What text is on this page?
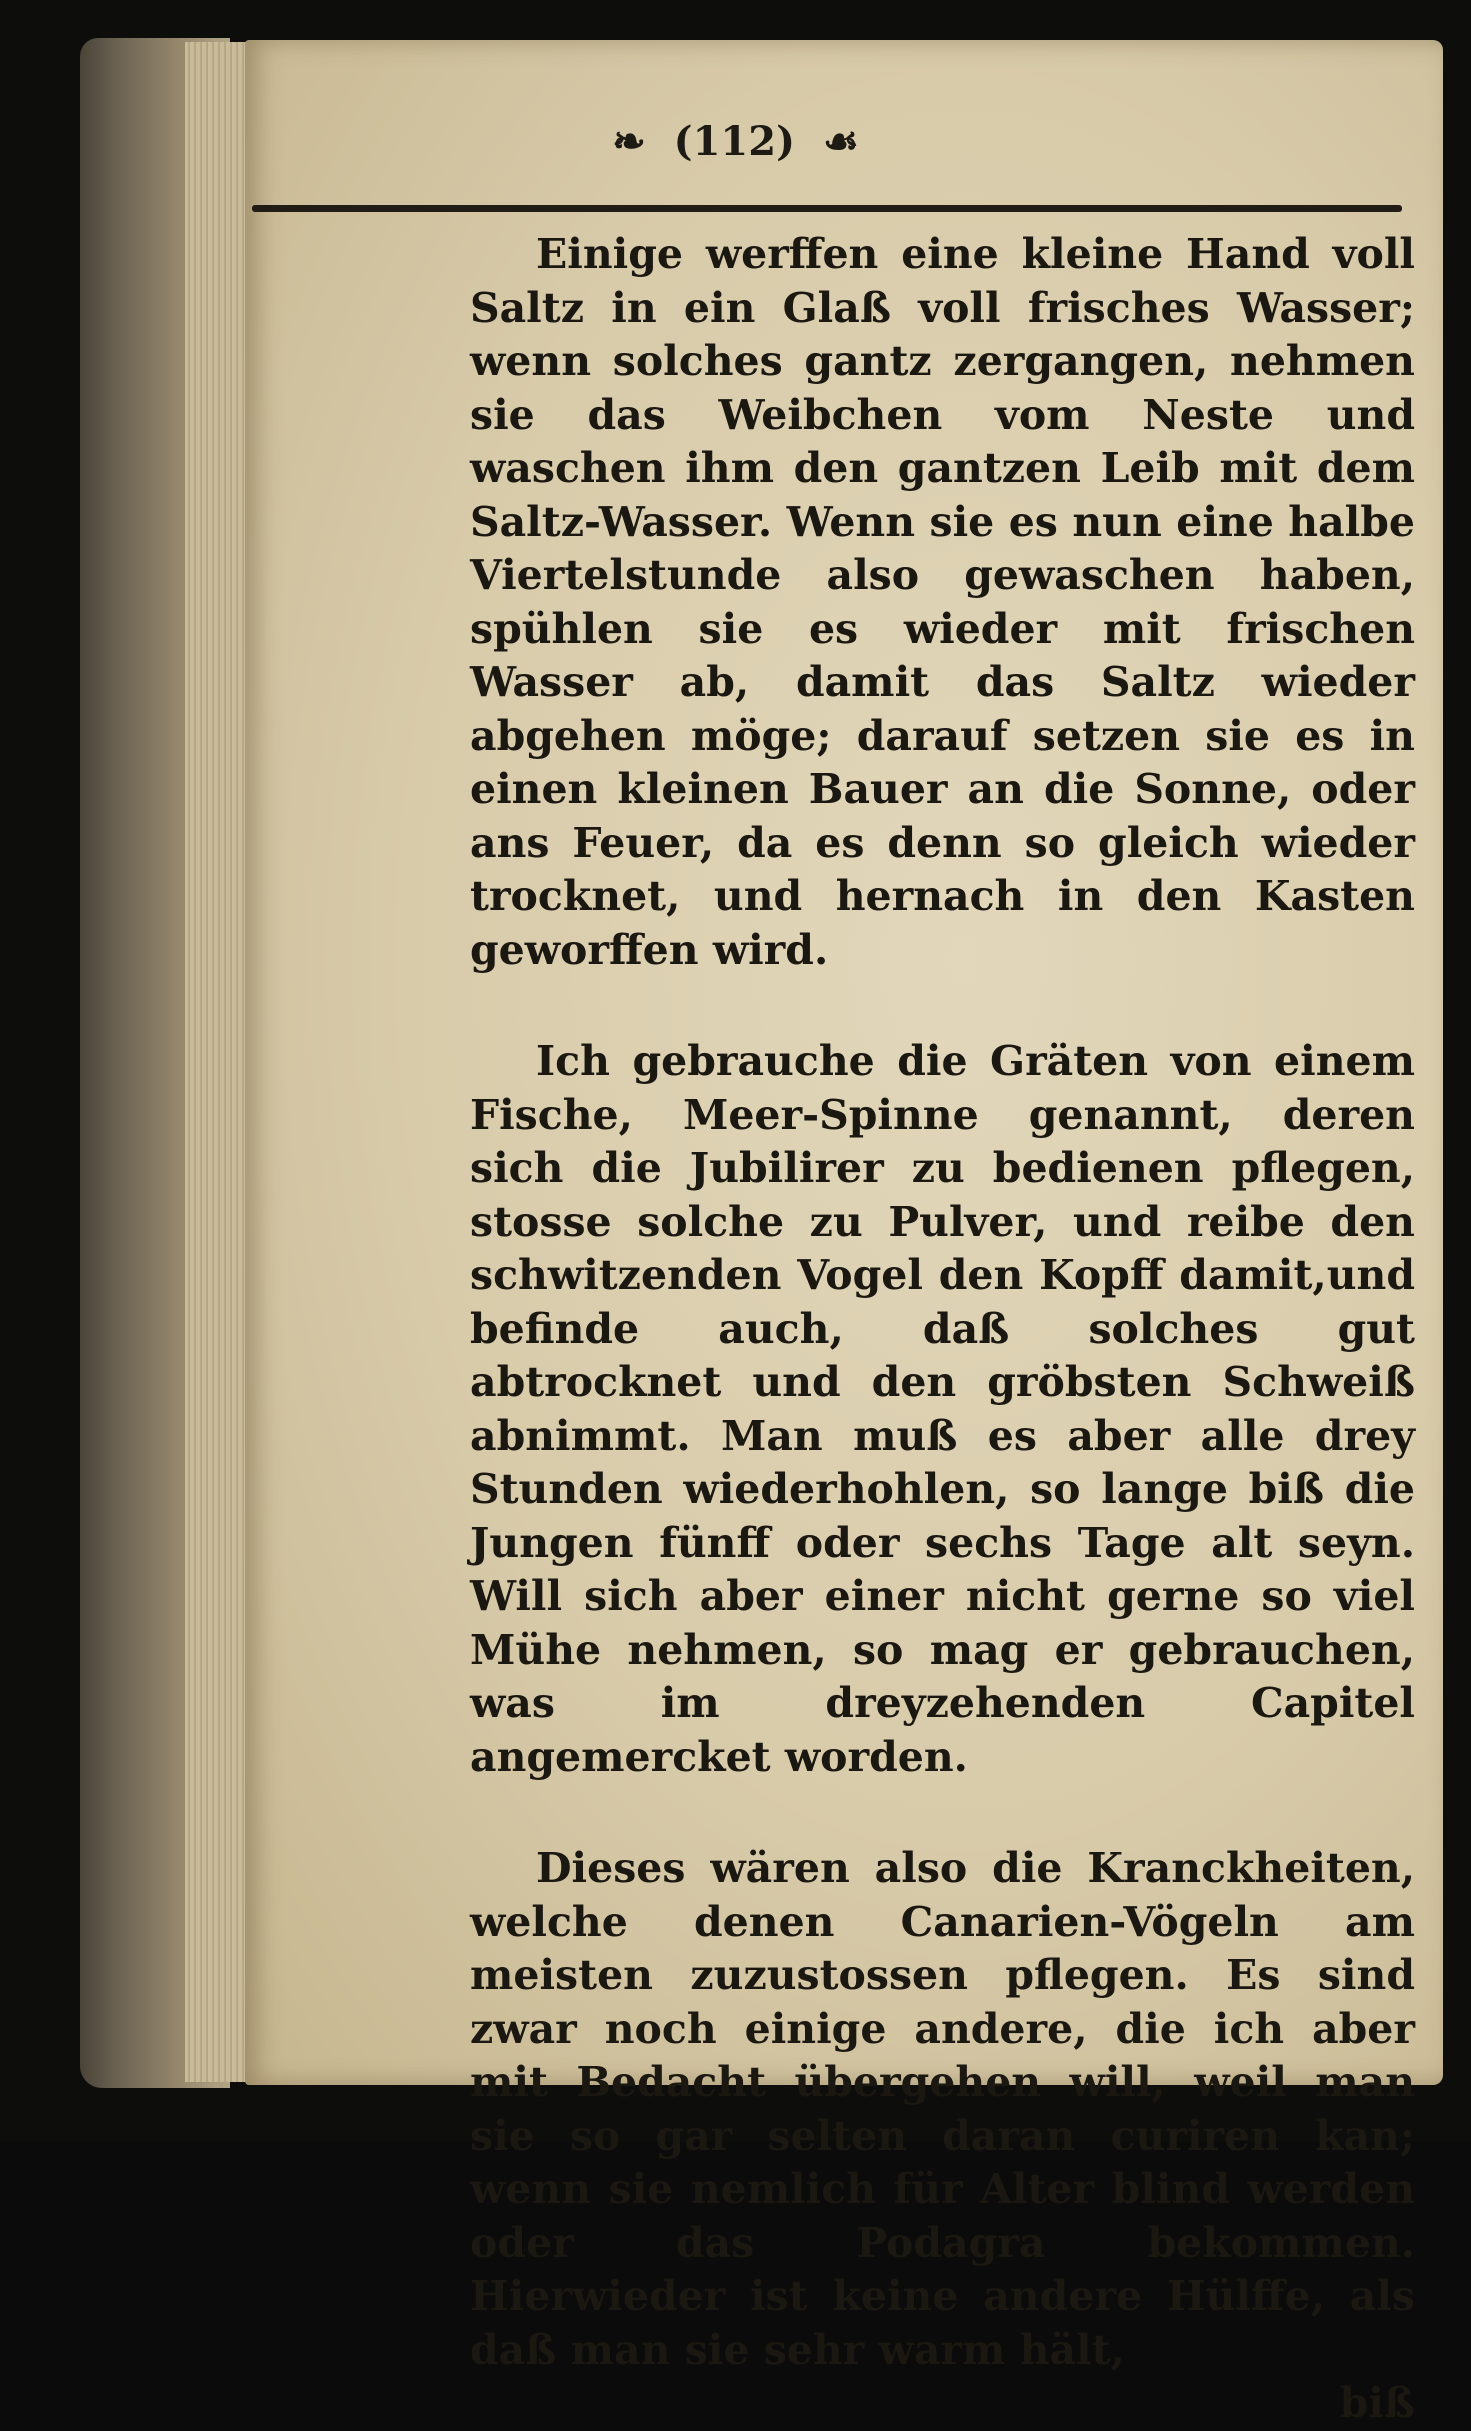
❧ (112) ☙

Einige werffen eine kleine Hand voll Saltz in ein Glaß voll frisches Wasser; wenn solches gantz zergangen, nehmen sie das Weibchen vom Neste und waschen ihm den gantzen Leib mit dem Saltz-Wasser. Wenn sie es nun eine halbe Viertelstunde also gewaschen haben, spühlen sie es wieder mit frischen Wasser ab, damit das Saltz wieder abgehen möge; darauf setzen sie es in einen kleinen Bauer an die Sonne, oder ans Feuer, da es denn so gleich wieder trocknet, und hernach in den Kasten geworffen wird.

Ich gebrauche die Gräten von einem Fische, Meer-Spinne genannt, deren sich die Jubilirer zu bedienen pflegen, stosse solche zu Pulver, und reibe den schwitzenden Vogel den Kopff damit,und befinde auch, daß solches gut abtrocknet und den gröbsten Schweiß abnimmt. Man muß es aber alle drey Stunden wiederhohlen, so lange biß die Jungen fünff oder sechs Tage alt seyn. Will sich aber einer nicht gerne so viel Mühe nehmen, so mag er gebrauchen, was im dreyzehenden Capitel angemercket worden.

Dieses wären also die Kranckheiten, welche denen Canarien-Vögeln am meisten zuzustossen pflegen. Es sind zwar noch einige andere, die ich aber mit Bedacht übergehen will, weil man sie so gar selten daran curiren kan; wenn sie nemlich für Alter blind werden oder das Podagra bekommen. Hierwieder ist keine andere Hülffe, als daß man sie sehr warm hält,

biß
